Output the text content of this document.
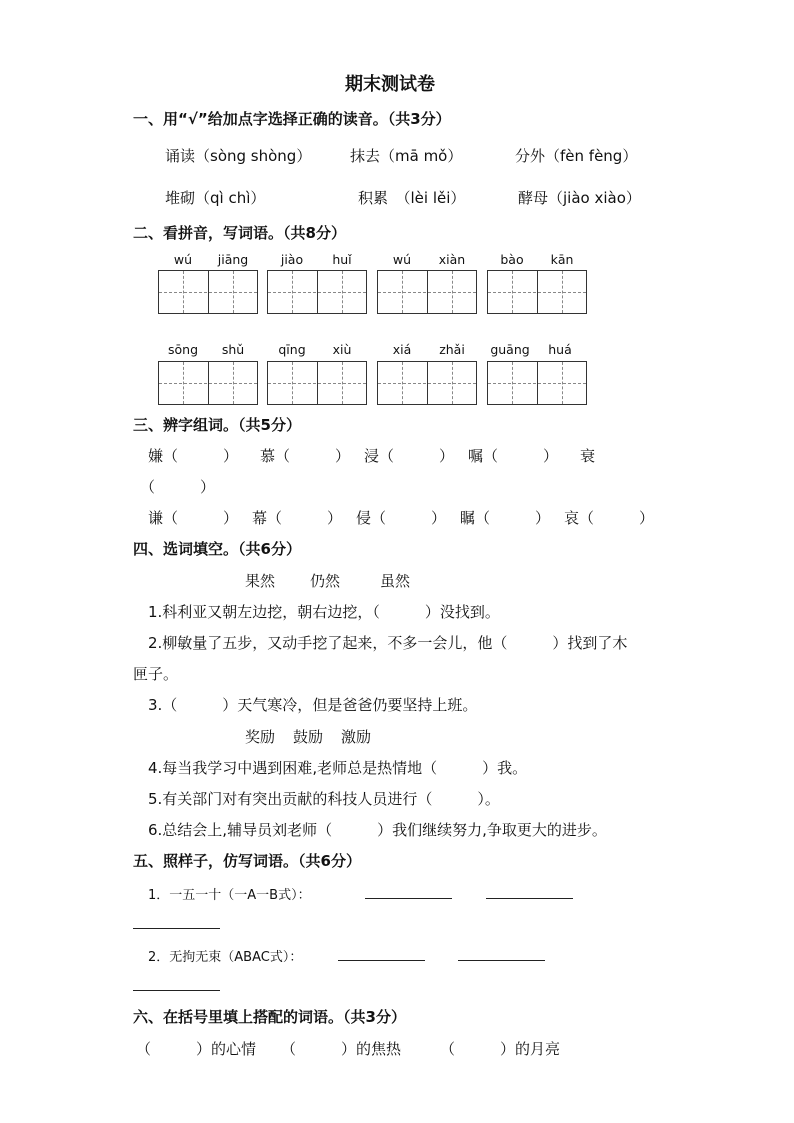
期末测试卷
一、用“√”给加点字选择正确的读音。（共3分）
诵读（sòng shòng）	抹去（mā mǒ）	分外（fèn fèng）
堆砌（qì chì）	积累　（lèi lěi）	酵母（jiào xiào）
二、看拼音，写词语。（共8分）
wú	jiāng	jiào	huǐ	wú	xiàn	bào	kān
sōng	shǔ	qīng	xiù	xiá	zhǎi	guāng	huá
三、辨字组词。（共5分）
嫌（　　　） 慕（　　　） 浸（　　　） 嘱（　　　） 衰
（　　　）
谦（　　　） 幕（　　　） 侵（　　　） 瞩（　　　） 哀（　　　）
四、选词填空。（共6分）
果然 仍然	虽然
1.科利亚又朝左边挖，朝右边挖，（　　　）没找到。
2.柳敏量了五步，又动手挖了起来，不多一会儿，他（　　　）找到了木
匣子。
3.（　　　）天气寒冷，但是爸爸仍要坚持上班。
奖励 鼓励 激励
4.每当我学习中遇到困难,老师总是热情地（　　　）我。
5.有关部门对有突出贡献的科技人员进行（　　　）。
6.总结会上,辅导员刘老师（　　　）我们继续努力,争取更大的进步。
五、照样子，仿写词语。（共6分）
1．一五一十（一A一B式）：
2．无拘无束（ABAC式）：
六、在括号里填上搭配的词语。（共3分）
（　　　）的心情 （　　　）的焦热	（　　　）的月亮
